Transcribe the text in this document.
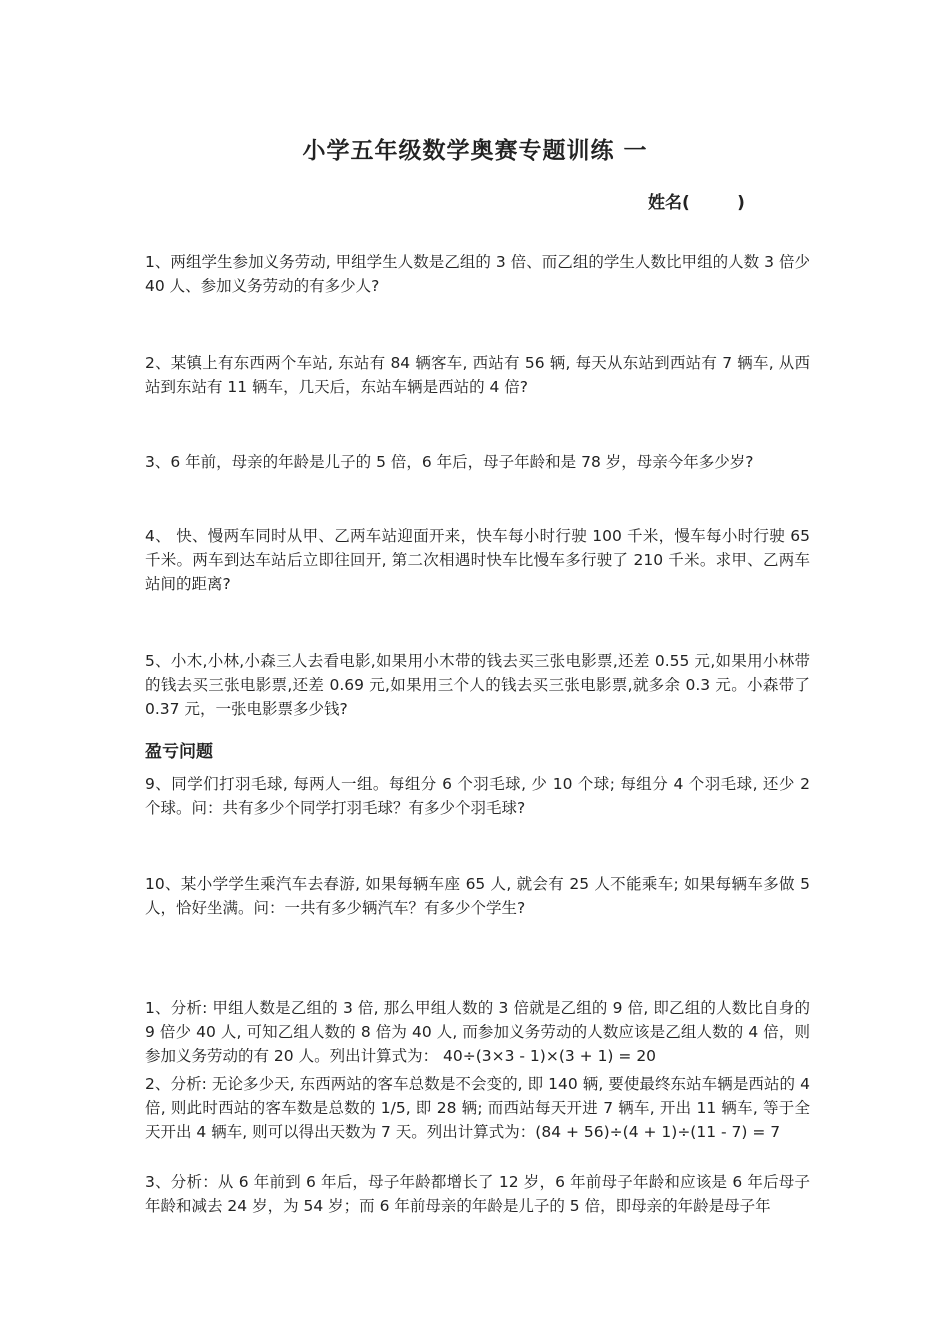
小学五年级数学奥赛专题训练 一
姓名(        )

1、两组学生参加义务劳动, 甲组学生人数是乙组的 3 倍、而乙组的学生人数比甲组的人数 3 倍少 40 人、参加义务劳动的有多少人?

2、某镇上有东西两个车站, 东站有 84 辆客车, 西站有 56 辆, 每天从东站到西站有 7 辆车, 从西站到东站有 11 辆车，几天后，东站车辆是西站的 4 倍?

3、6 年前，母亲的年龄是儿子的 5 倍，6 年后，母子年龄和是 78 岁，母亲今年多少岁?

4、 快、慢两车同时从甲、乙两车站迎面开来，快车每小时行驶 100 千米，慢车每小时行驶 65 千米。两车到达车站后立即往回开, 第二次相遇时快车比慢车多行驶了 210 千米。求甲、乙两车站间的距离?

5、小木,小林,小森三人去看电影,如果用小木带的钱去买三张电影票,还差 0.55 元,如果用小林带的钱去买三张电影票,还差 0.69 元,如果用三个人的钱去买三张电影票,就多余 0.3 元。小森带了 0.37 元，一张电影票多少钱?

盈亏问题

9、同学们打羽毛球, 每两人一组。每组分 6 个羽毛球, 少 10 个球; 每组分 4 个羽毛球, 还少 2 个球。问：共有多少个同学打羽毛球？有多少个羽毛球?

10、某小学学生乘汽车去春游, 如果每辆车座 65 人, 就会有 25 人不能乘车; 如果每辆车多做 5 人，恰好坐满。问：一共有多少辆汽车？有多少个学生?

1、分析: 甲组人数是乙组的 3 倍, 那么甲组人数的 3 倍就是乙组的 9 倍, 即乙组的人数比自身的 9 倍少 40 人, 可知乙组人数的 8 倍为 40 人, 而参加义务劳动的人数应该是乙组人数的 4 倍，则参加义务劳动的有 20 人。列出计算式为： 40÷(3×3 - 1)×(3 + 1) = 20

2、分析: 无论多少天, 东西两站的客车总数是不会变的, 即 140 辆, 要使最终东站车辆是西站的 4 倍, 则此时西站的客车数是总数的 1/5, 即 28 辆; 而西站每天开进 7 辆车, 开出 11 辆车, 等于全天开出 4 辆车, 则可以得出天数为 7 天。列出计算式为：(84 + 56)÷(4 + 1)÷(11 - 7) = 7

3、分析：从 6 年前到 6 年后，母子年龄都增长了 12 岁，6 年前母子年龄和应该是 6 年后母子年龄和减去 24 岁，为 54 岁；而 6 年前母亲的年龄是儿子的 5 倍，即母亲的年龄是母子年
